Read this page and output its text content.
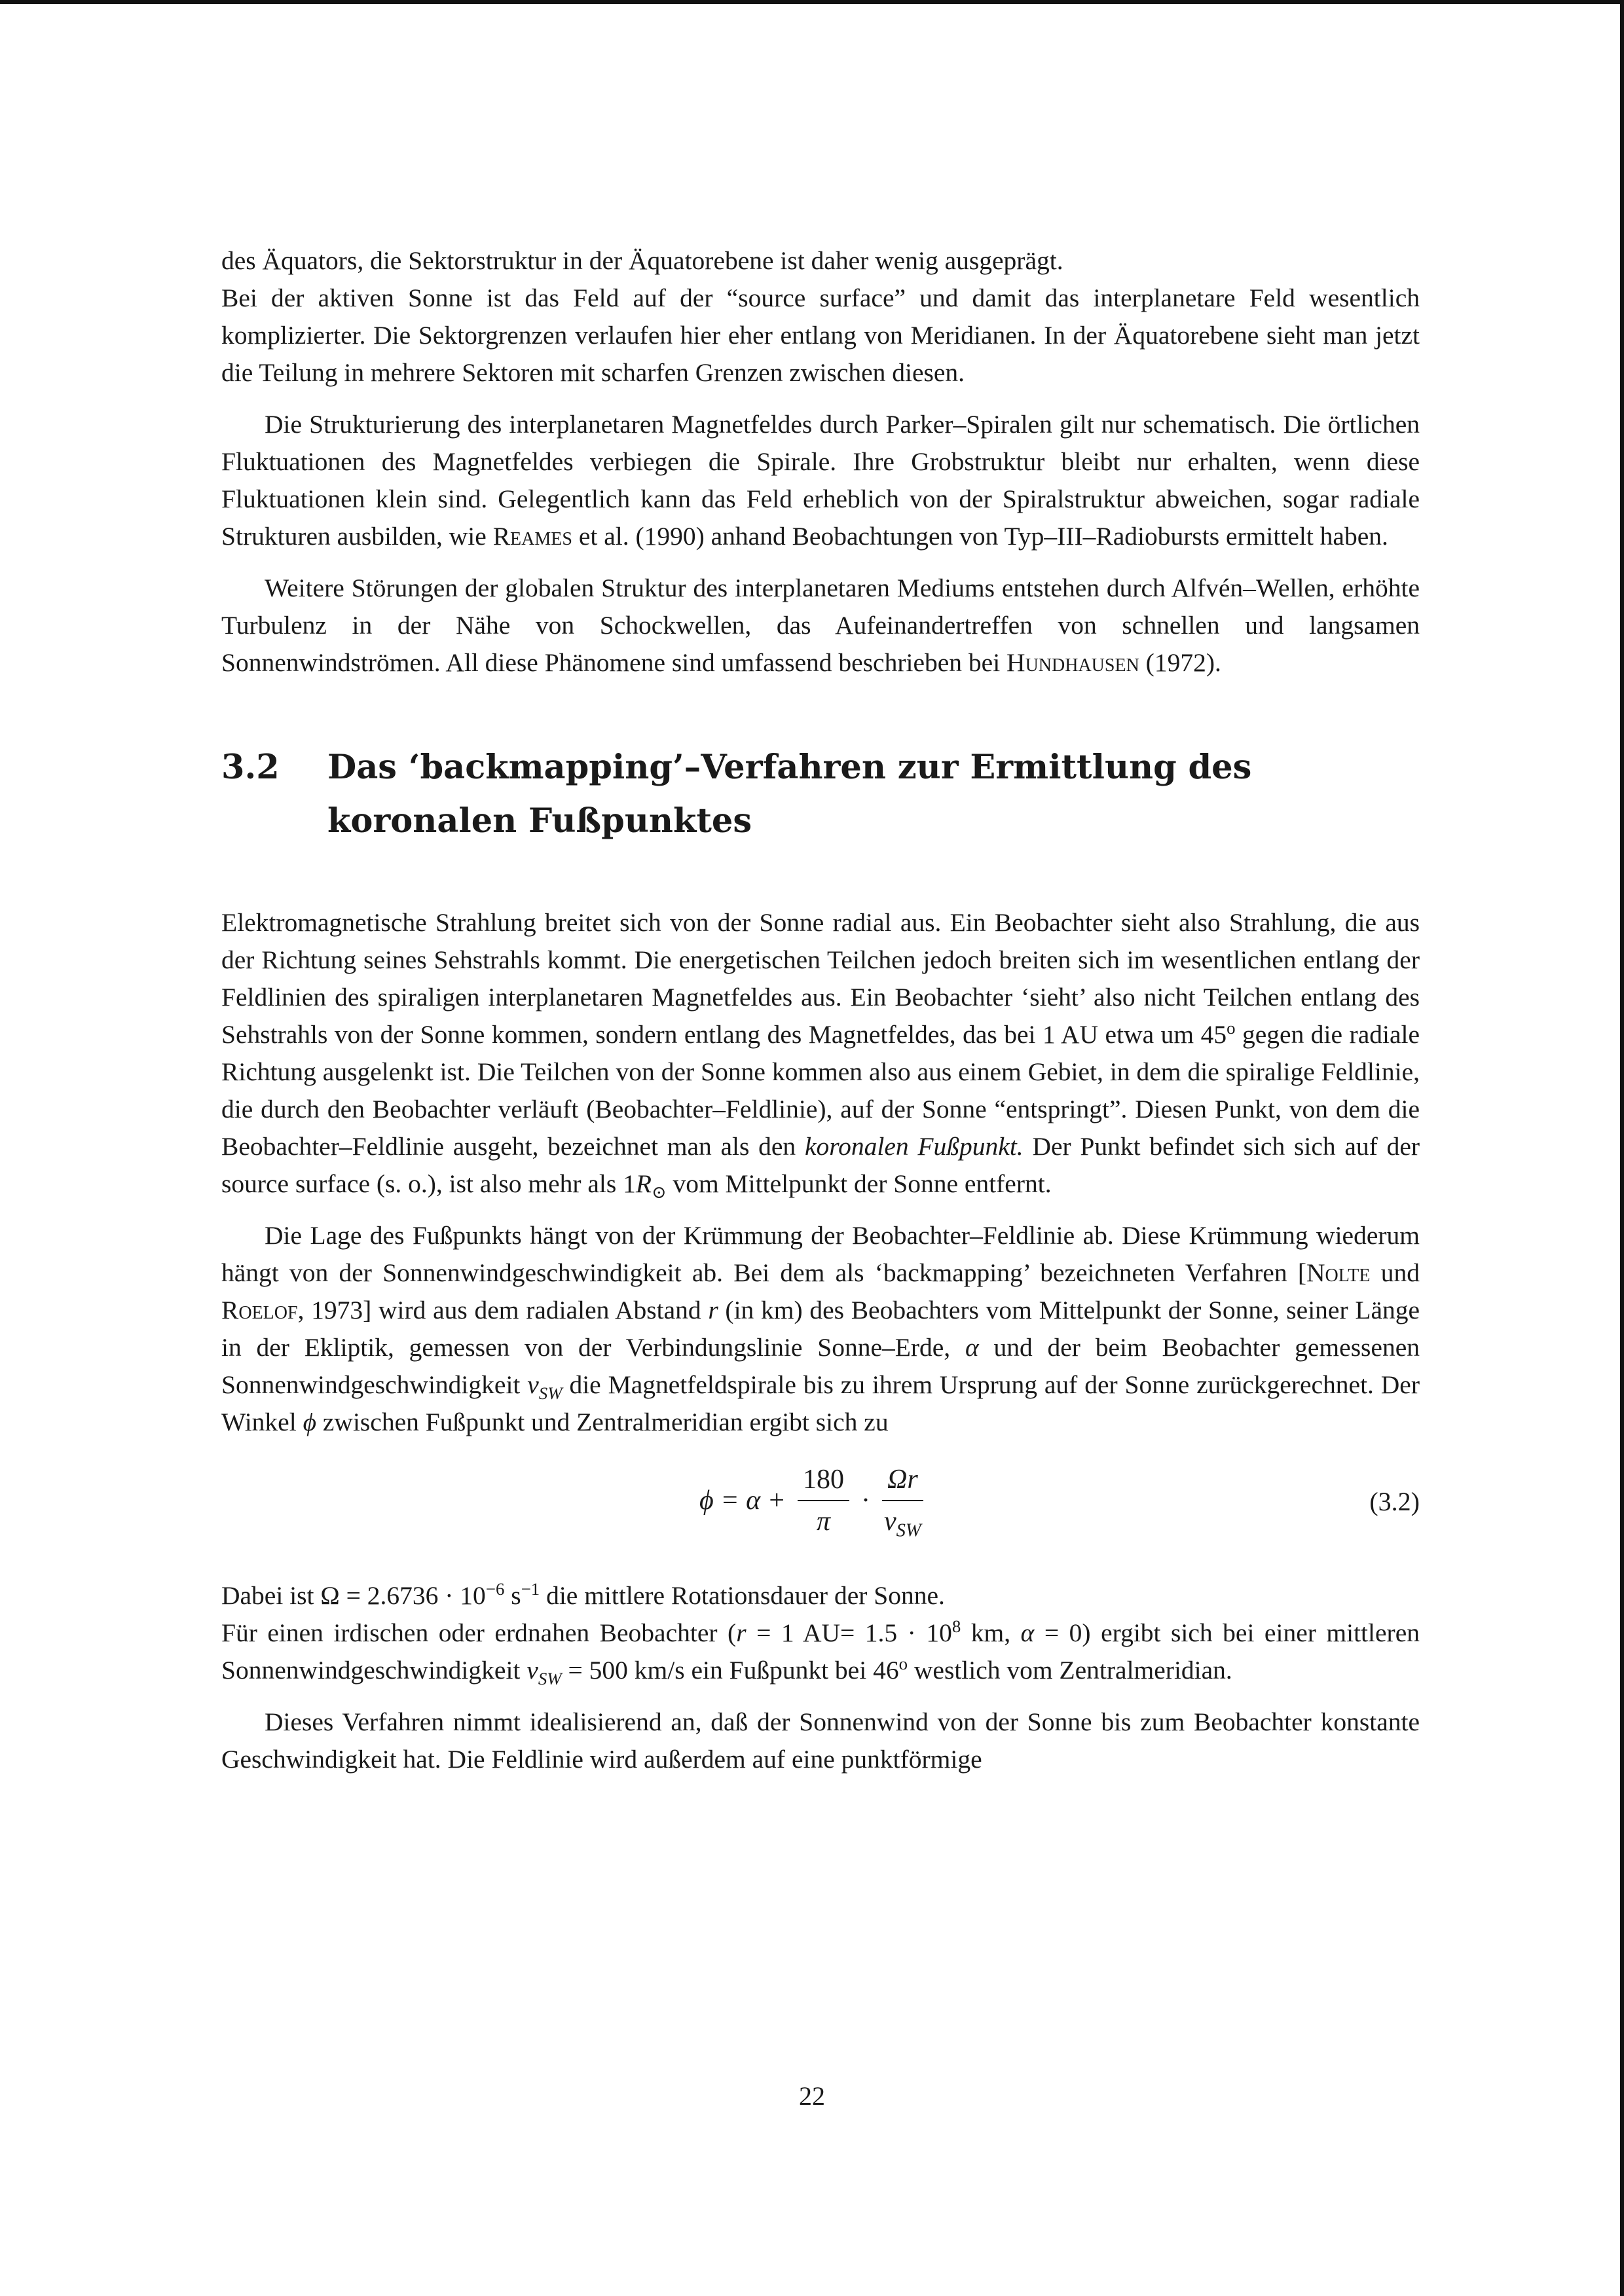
des Äquators, die Sektorstruktur in der Äquatorebene ist daher wenig ausgeprägt.

Bei der aktiven Sonne ist das Feld auf der “source surface” und damit das interplanetare Feld wesentlich komplizierter. Die Sektorgrenzen verlaufen hier eher entlang von Meridianen. In der Äquatorebene sieht man jetzt die Teilung in mehrere Sektoren mit scharfen Grenzen zwischen diesen.

Die Strukturierung des interplanetaren Magnetfeldes durch Parker–Spiralen gilt nur schematisch. Die örtlichen Fluktuationen des Magnetfeldes verbiegen die Spirale. Ihre Grobstruktur bleibt nur erhalten, wenn diese Fluktuationen klein sind. Gelegentlich kann das Feld erheblich von der Spiralstruktur abweichen, sogar radiale Strukturen ausbilden, wie Reames et al. (1990) anhand Beobachtungen von Typ–III–Radiobursts ermittelt haben.

Weitere Störungen der globalen Struktur des interplanetaren Mediums entstehen durch Alfvén–Wellen, erhöhte Turbulenz in der Nähe von Schockwellen, das Aufeinandertreffen von schnellen und langsamen Sonnenwindströmen. All diese Phänomene sind umfassend beschrieben bei Hundhausen (1972).

3.2	Das ‘backmapping’–Verfahren zur Ermittlung des koronalen Fußpunktes

Elektromagnetische Strahlung breitet sich von der Sonne radial aus. Ein Beobachter sieht also Strahlung, die aus der Richtung seines Sehstrahls kommt. Die energetischen Teilchen jedoch breiten sich im wesentlichen entlang der Feldlinien des spiraligen interplanetaren Magnetfeldes aus. Ein Beobachter ‘sieht’ also nicht Teilchen entlang des Sehstrahls von der Sonne kommen, sondern entlang des Magnetfeldes, das bei 1 AU etwa um 45$^o$ gegen die radiale Richtung ausgelenkt ist. Die Teilchen von der Sonne kommen also aus einem Gebiet, in dem die spiralige Feldlinie, die durch den Beobachter verläuft (Beobachter–Feldlinie), auf der Sonne “entspringt”. Diesen Punkt, von dem die Beobachter–Feldlinie ausgeht, bezeichnet man als den koronalen Fußpunkt. Der Punkt befindet sich sich auf der source surface (s. o.), ist also mehr als $1R_⊙$ vom Mittelpunkt der Sonne entfernt.

Die Lage des Fußpunkts hängt von der Krümmung der Beobachter–Feldlinie ab. Diese Krümmung wiederum hängt von der Sonnenwindgeschwindigkeit ab. Bei dem als ‘backmapping’ bezeichneten Verfahren [Nolte und Roelof, 1973] wird aus dem radialen Abstand r (in km) des Beobachters vom Mittelpunkt der Sonne, seiner Länge in der Ekliptik, gemessen von der Verbindungslinie Sonne–Erde, α und der beim Beobachter gemessenen Sonnenwindgeschwindigkeit $v_{SW}$ die Magnetfeldspirale bis zu ihrem Ursprung auf der Sonne zurückgerechnet. Der Winkel ϕ zwischen Fußpunkt und Zentralmeridian ergibt sich zu

$\phi = \alpha + \frac{180}{\pi} \cdot \frac{\Omega r}{v_{SW}}$	(3.2)

Dabei ist $\Omega = 2.6736 \cdot 10^{-6}$ $s^{-1}$ die mittlere Rotationsdauer der Sonne.
Für einen irdischen oder erdnahen Beobachter (r = 1 $AU= 1.5 \cdot 10^8$ km, α = 0) ergibt sich bei einer mittleren Sonnenwindgeschwindigkeit $v_{SW} = 500$ km/s ein Fußpunkt bei 46$^o$ westlich vom Zentralmeridian.

Dieses Verfahren nimmt idealisierend an, daß der Sonnenwind von der Sonne bis zum Beobachter konstante Geschwindigkeit hat. Die Feldlinie wird außerdem auf eine punktförmige

22
